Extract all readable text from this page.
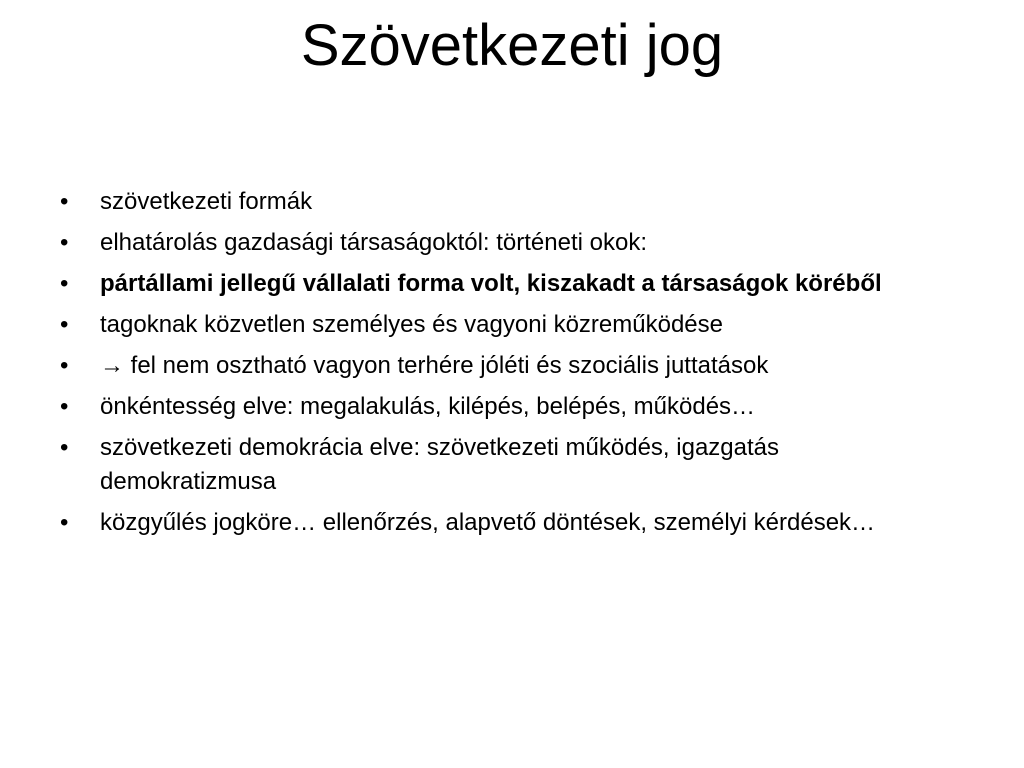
Szövetkezeti jog
•	szövetkezeti formák
•	elhatárolás gazdasági társaságoktól: történeti okok:
•	pártállami jellegű vállalati forma volt, kiszakadt a társaságok köréből
•	tagoknak közvetlen személyes és vagyoni közreműködése
•	→ fel nem osztható vagyon terhére jóléti és szociális juttatások
•	önkéntesség elve: megalakulás, kilépés, belépés, működés…
•	szövetkezeti demokrácia elve: szövetkezeti működés, igazgatás demokratizmusa
•	közgyűlés jogköre… ellenőrzés, alapvető döntések, személyi kérdések…
